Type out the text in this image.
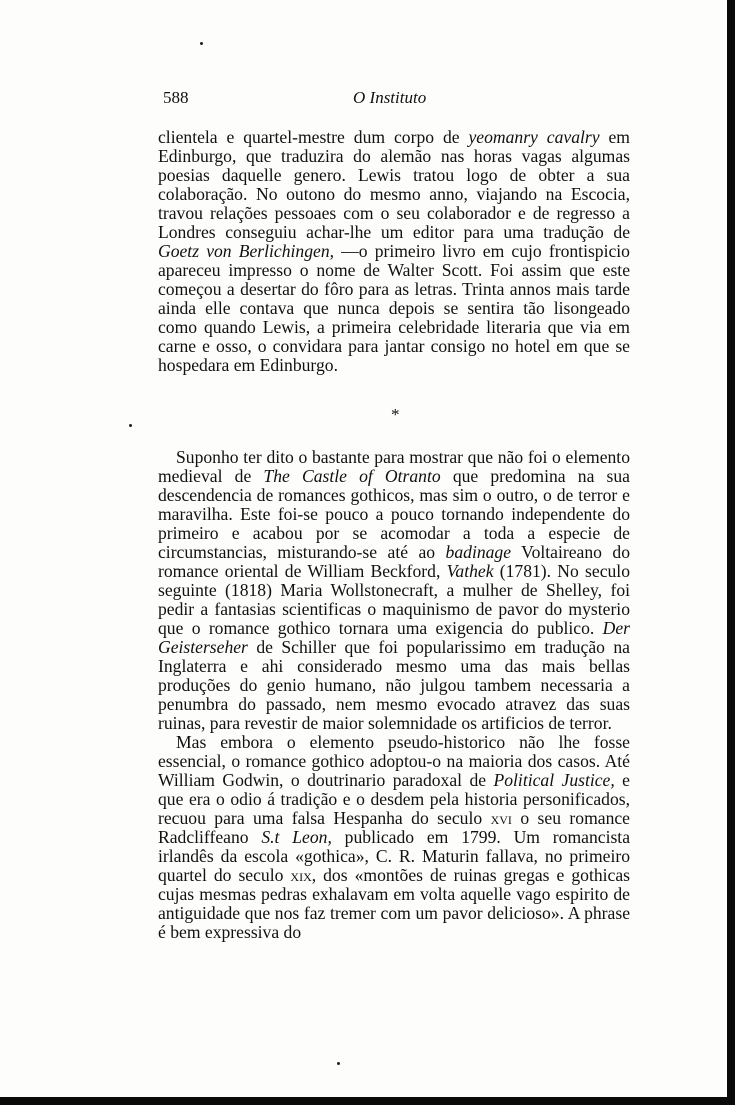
588	O Instituto

clientela e quartel-mestre dum corpo de yeomanry cavalry em Edinburgo, que traduzira do alemão nas horas vagas algumas poesias daquelle genero. Lewis tratou logo de obter a sua colaboração. No outono do mesmo anno, viajando na Escocia, travou relações pessoaes com o seu colaborador e de regresso a Londres conseguiu achar-lhe um editor para uma tradução de Goetz von Berlichingen, —o primeiro livro em cujo frontispicio apareceu impresso o nome de Walter Scott. Foi assim que este começou a desertar do fôro para as letras. Trinta annos mais tarde ainda elle contava que nunca depois se sentira tão lisongeado como quando Lewis, a primeira celebridade literaria que via em carne e osso, o convidara para jantar consigo no hotel em que se hospedara em Edinburgo.

*

Suponho ter dito o bastante para mostrar que não foi o elemento medieval de The Castle of Otranto que predomina na sua descendencia de romances gothicos, mas sim o outro, o de terror e maravilha. Este foi-se pouco a pouco tornando independente do primeiro e acabou por se acomodar a toda a especie de circumstancias, misturando-se até ao badinage Voltaireano do romance oriental de William Beckford, Vathek (1781). No seculo seguinte (1818) Maria Wollstonecraft, a mulher de Shelley, foi pedir a fantasias scientificas o maquinismo de pavor do mysterio que o romance gothico tornara uma exigencia do publico. Der Geisterseher de Schiller que foi popularissimo em tradução na Inglaterra e ahi considerado mesmo uma das mais bellas produções do genio humano, não julgou tambem necessaria a penumbra do passado, nem mesmo evocado atravez das suas ruinas, para revestir de maior solemnidade os artificios de terror.

Mas embora o elemento pseudo-historico não lhe fosse essencial, o romance gothico adoptou-o na maioria dos casos. Até William Godwin, o doutrinario paradoxal de Political Justice, e que era o odio á tradição e o desdem pela historia personificados, recuou para uma falsa Hespanha do seculo xvi o seu romance Radcliffeano S.t Leon, publicado em 1799. Um romancista irlandês da escola «gothica», C. R. Maturin fallava, no primeiro quartel do seculo xix, dos «montões de ruinas gregas e gothicas cujas mesmas pedras exhalavam em volta aquelle vago espirito de antiguidade que nos faz tremer com um pavor delicioso». A phrase é bem expressiva do
